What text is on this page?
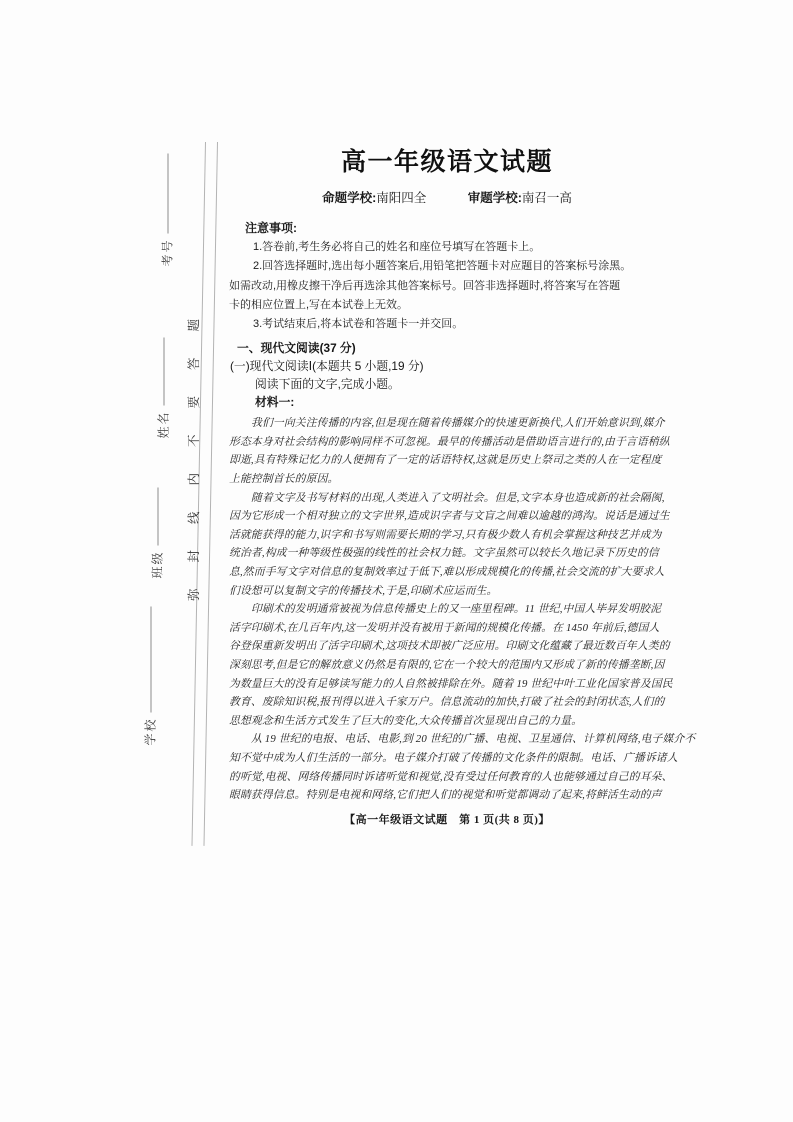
考号
姓名
班级
学校
弥封线内不要答题
高一年级语文试题
命题学校:南阳四全	审题学校:南召一高
注意事项:
1.答卷前,考生务必将自己的姓名和座位号填写在答题卡上。
2.回答选择题时,选出每小题答案后,用铅笔把答题卡对应题目的答案标号涂黑。
如需改动,用橡皮擦干净后再选涂其他答案标号。回答非选择题时,将答案写在答题
卡的相应位置上,写在本试卷上无效。
3.考试结束后,将本试卷和答题卡一并交回。
一、现代文阅读(37 分)
(一)现代文阅读Ⅰ(本题共 5 小题,19 分)
阅读下面的文字,完成小题。
材料一:
我们一向关注传播的内容,但是现在随着传播媒介的快速更新换代,人们开始意识到,媒介
形态本身对社会结构的影响同样不可忽视。最早的传播活动是借助语言进行的,由于言语稍纵
即逝,具有特殊记忆力的人便拥有了一定的话语特权,这就是历史上祭司之类的人在一定程度
上能控制首长的原因。
随着文字及书写材料的出现,人类进入了文明社会。但是,文字本身也造成新的社会隔阂,
因为它形成一个相对独立的文字世界,造成识字者与文盲之间难以逾越的鸿沟。说话是通过生
活就能获得的能力,识字和书写则需要长期的学习,只有极少数人有机会掌握这种技艺并成为
统治者,构成一种等级性极强的线性的社会权力链。文字虽然可以较长久地记录下历史的信
息,然而手写文字对信息的复制效率过于低下,难以形成规模化的传播,社会交流的扩大要求人
们设想可以复制文字的传播技术,于是,印刷术应运而生。
印刷术的发明通常被视为信息传播史上的又一座里程碑。11 世纪,中国人毕昇发明胶泥
活字印刷术,在几百年内,这一发明并没有被用于新闻的规模化传播。在 1450 年前后,德国人
谷登保重新发明出了活字印刷术,这项技术即被广泛应用。印刷文化蕴藏了最近数百年人类的
深刻思考,但是它的解放意义仍然是有限的,它在一个较大的范围内又形成了新的传播垄断,因
为数量巨大的没有足够读写能力的人自然被排除在外。随着 19 世纪中叶工业化国家普及国民
教育、废除知识税,报刊得以进入千家万户。信息流动的加快,打破了社会的封闭状态,人们的
思想观念和生活方式发生了巨大的变化,大众传播首次显现出自己的力量。
从 19 世纪的电报、电话、电影,到 20 世纪的广播、电视、卫星通信、计算机网络,电子媒介不
知不觉中成为人们生活的一部分。电子媒介打破了传播的文化条件的限制。电话、广播诉诸人
的听觉,电视、网络传播同时诉诸听觉和视觉,没有受过任何教育的人也能够通过自己的耳朵、
眼睛获得信息。特别是电视和网络,它们把人们的视觉和听觉都调动了起来,将鲜活生动的声
【高一年级语文试题　第 1 页(共 8 页)】
